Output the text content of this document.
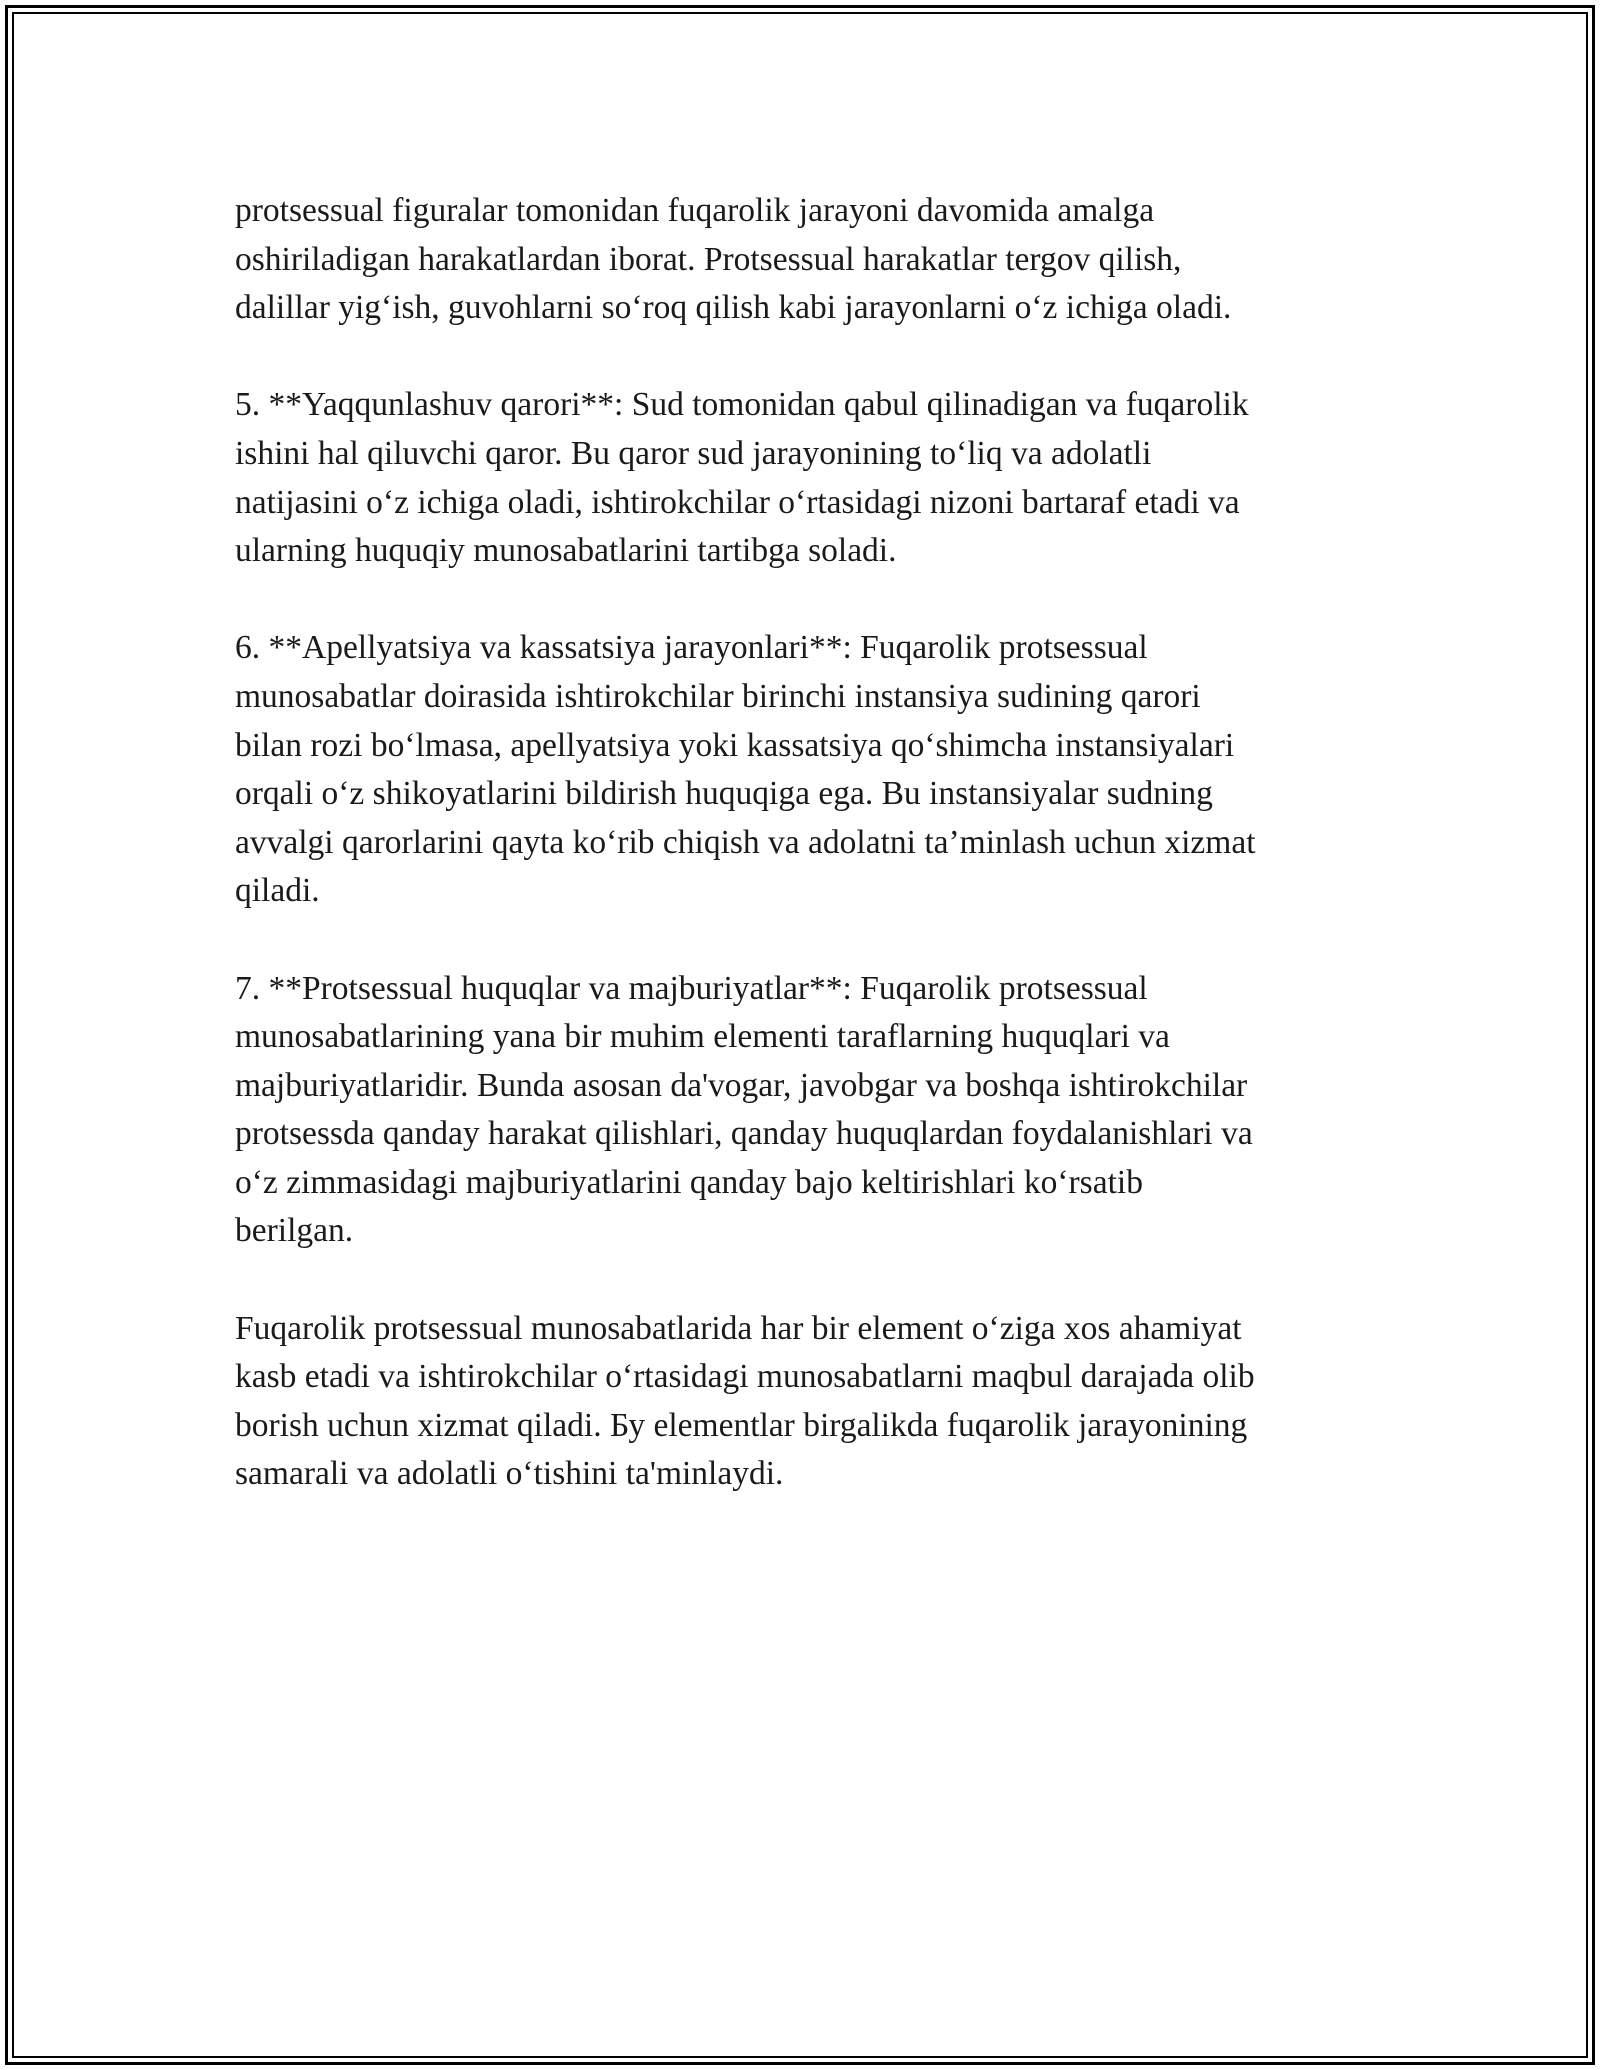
protsessual figuralar tomonidan fuqarolik jarayoni davomida amalga
oshiriladigan harakatlardan iborat. Protsessual harakatlar tergov qilish,
dalillar yig‘ish, guvohlarni so‘roq qilish kabi jarayonlarni o‘z ichiga oladi.

5. **Yaqqunlashuv qarori**: Sud tomonidan qabul qilinadigan va fuqarolik
ishini hal qiluvchi qaror. Bu qaror sud jarayonining to‘liq va adolatli
natijasini o‘z ichiga oladi, ishtirokchilar o‘rtasidagi nizoni bartaraf etadi va
ularning huquqiy munosabatlarini tartibga soladi.

6. **Apellyatsiya va kassatsiya jarayonlari**: Fuqarolik protsessual
munosabatlar doirasida ishtirokchilar birinchi instansiya sudining qarori
bilan rozi bo‘lmasa, apellyatsiya yoki kassatsiya qo‘shimcha instansiyalari
orqali o‘z shikoyatlarini bildirish huquqiga ega. Bu instansiyalar sudning
avvalgi qarorlarini qayta ko‘rib chiqish va adolatni ta’minlash uchun xizmat
qiladi.

7. **Protsessual huquqlar va majburiyatlar**: Fuqarolik protsessual
munosabatlarining yana bir muhim elementi taraflarning huquqlari va
majburiyatlaridir. Bunda asosan da'vogar, javobgar va boshqa ishtirokchilar
protsessda qanday harakat qilishlari, qanday huquqlardan foydalanishlari va
o‘z zimmasidagi majburiyatlarini qanday bajo keltirishlari ko‘rsatib
berilgan.

Fuqarolik protsessual munosabatlarida har bir element o‘ziga xos ahamiyat
kasb etadi va ishtirokchilar o‘rtasidagi munosabatlarni maqbul darajada olib
borish uchun xizmat qiladi. Бу elementlar birgalikda fuqarolik jarayonining
samarali va adolatli o‘tishini ta'minlaydi.
